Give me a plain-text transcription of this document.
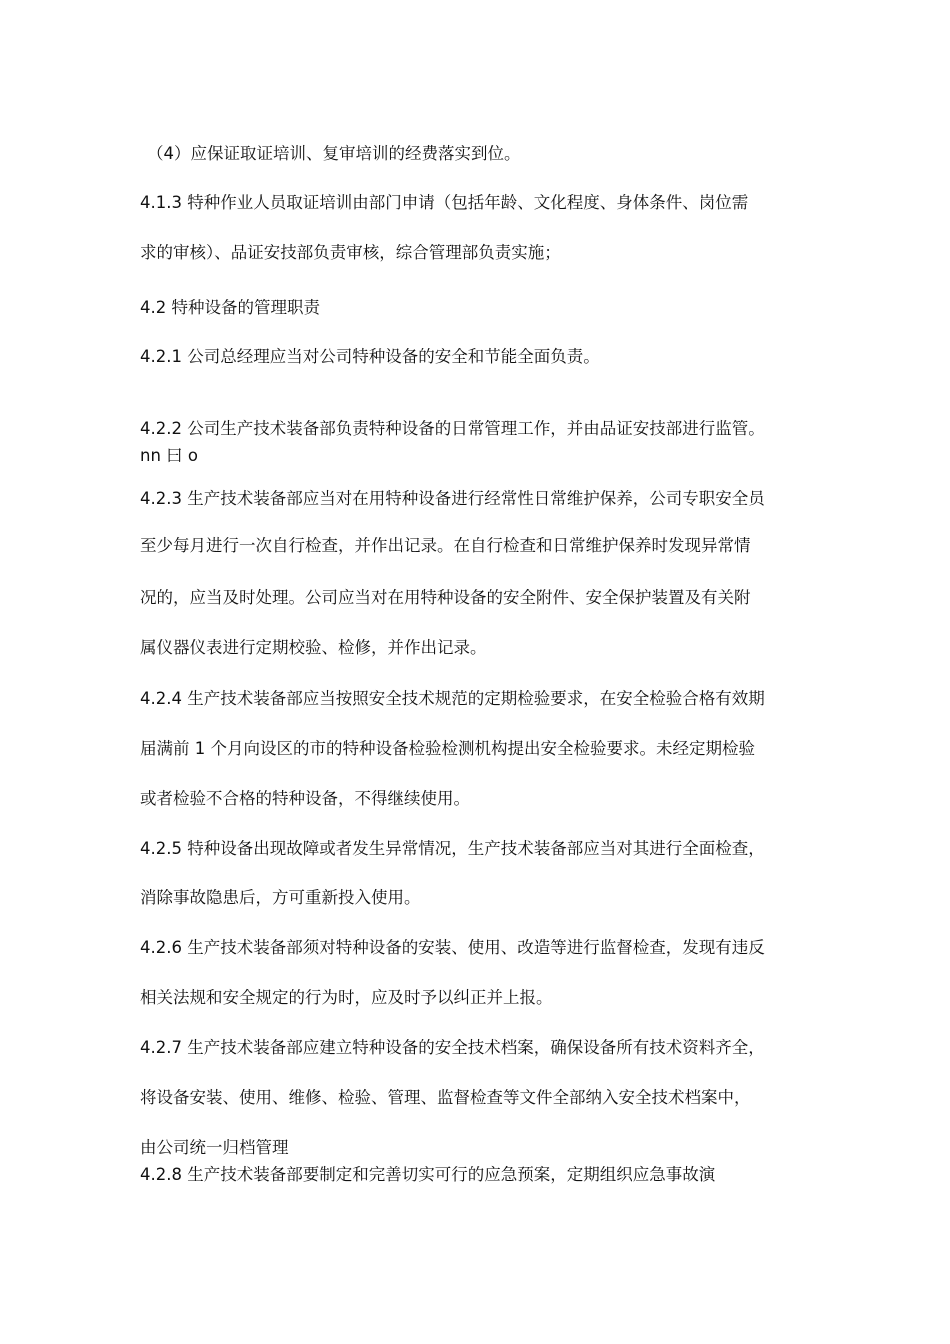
（4）应保证取证培训、复审培训的经费落实到位。

4.1.3 特种作业人员取证培训由部门申请（包括年龄、文化程度、身体条件、岗位需

求的审核）、品证安技部负责审核，综合管理部负责实施；

4.2 特种设备的管理职责

4.2.1 公司总经理应当对公司特种设备的安全和节能全面负责。

4.2.2 公司生产技术装备部负责特种设备的日常管理工作，并由品证安技部进行监管。

nn 曰 o

4.2.3 生产技术装备部应当对在用特种设备进行经常性日常维护保养，公司专职安全员

至少每月进行一次自行检查，并作出记录。在自行检查和日常维护保养时发现异常情

况的，应当及时处理。公司应当对在用特种设备的安全附件、安全保护装置及有关附

属仪器仪表进行定期校验、检修，并作出记录。

4.2.4 生产技术装备部应当按照安全技术规范的定期检验要求，在安全检验合格有效期

届满前 1 个月向设区的市的特种设备检验检测机构提出安全检验要求。未经定期检验

或者检验不合格的特种设备，不得继续使用。

4.2.5 特种设备出现故障或者发生异常情况，生产技术装备部应当对其进行全面检查，

消除事故隐患后，方可重新投入使用。

4.2.6 生产技术装备部须对特种设备的安装、使用、改造等进行监督检查，发现有违反

相关法规和安全规定的行为时，应及时予以纠正并上报。

4.2.7 生产技术装备部应建立特种设备的安全技术档案，确保设备所有技术资料齐全，

将设备安装、使用、维修、检验、管理、监督检查等文件全部纳入安全技术档案中，

由公司统一归档管理

4.2.8 生产技术装备部要制定和完善切实可行的应急预案，定期组织应急事故演
